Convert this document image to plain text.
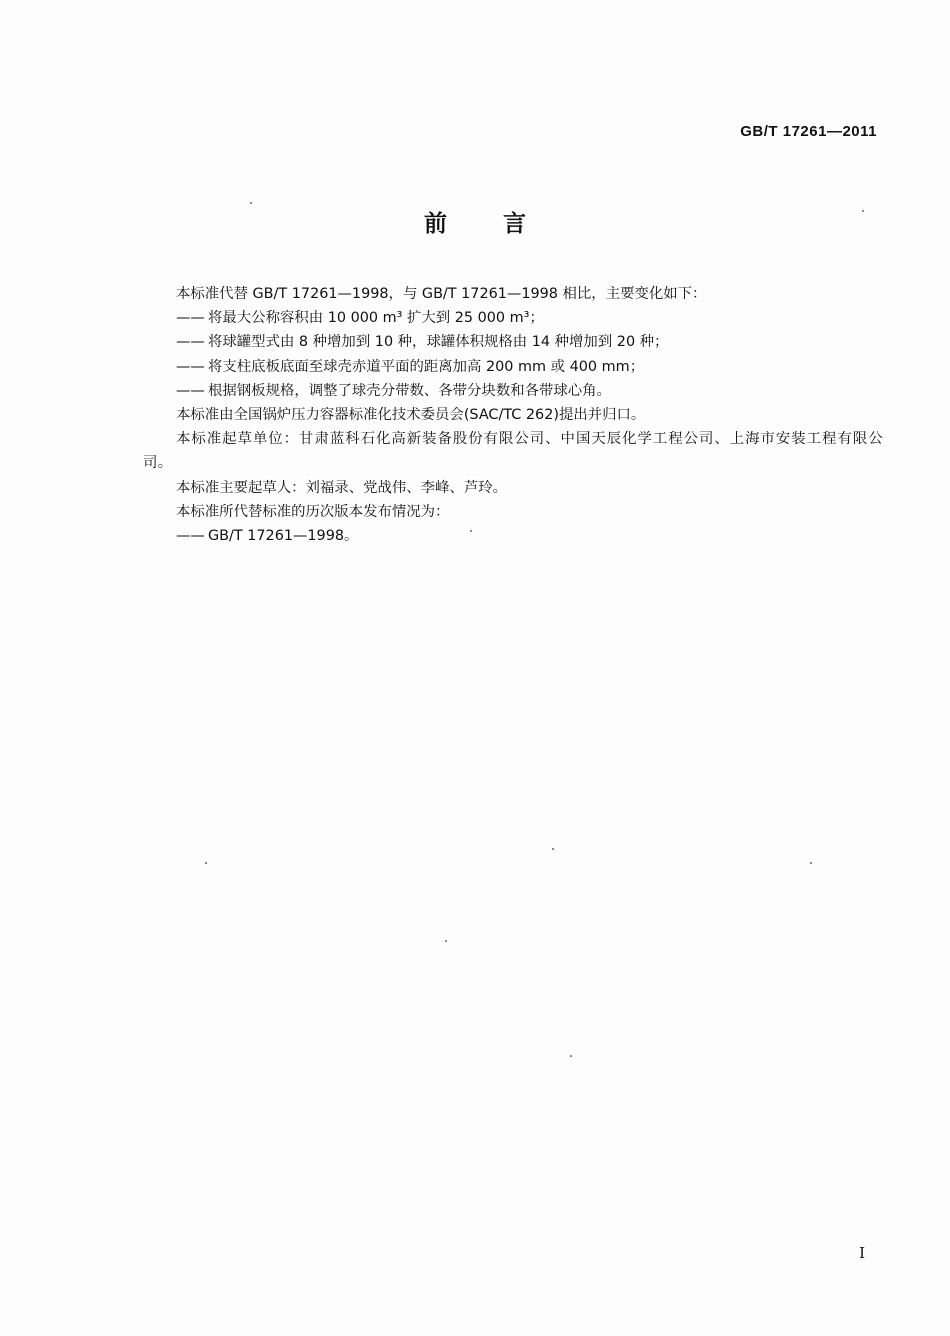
GB/T 17261—2011
前 言

本标准代替 GB/T 17261—1998，与 GB/T 17261—1998 相比，主要变化如下：

—— 将最大公称容积由 10 000 m³ 扩大到 25 000 m³；

—— 将球罐型式由 8 种增加到 10 种，球罐体积规格由 14 种增加到 20 种；

—— 将支柱底板底面至球壳赤道平面的距离加高 200 mm 或 400 mm；

—— 根据钢板规格，调整了球壳分带数、各带分块数和各带球心角。

本标准由全国锅炉压力容器标准化技术委员会(SAC/TC 262)提出并归口。

本标准起草单位：甘肃蓝科石化高新装备股份有限公司、中国天辰化学工程公司、上海市安装工程有限公司。

本标准主要起草人：刘福录、党战伟、李峰、芦玲。

本标准所代替标准的历次版本发布情况为：

—— GB/T 17261—1998。

I
